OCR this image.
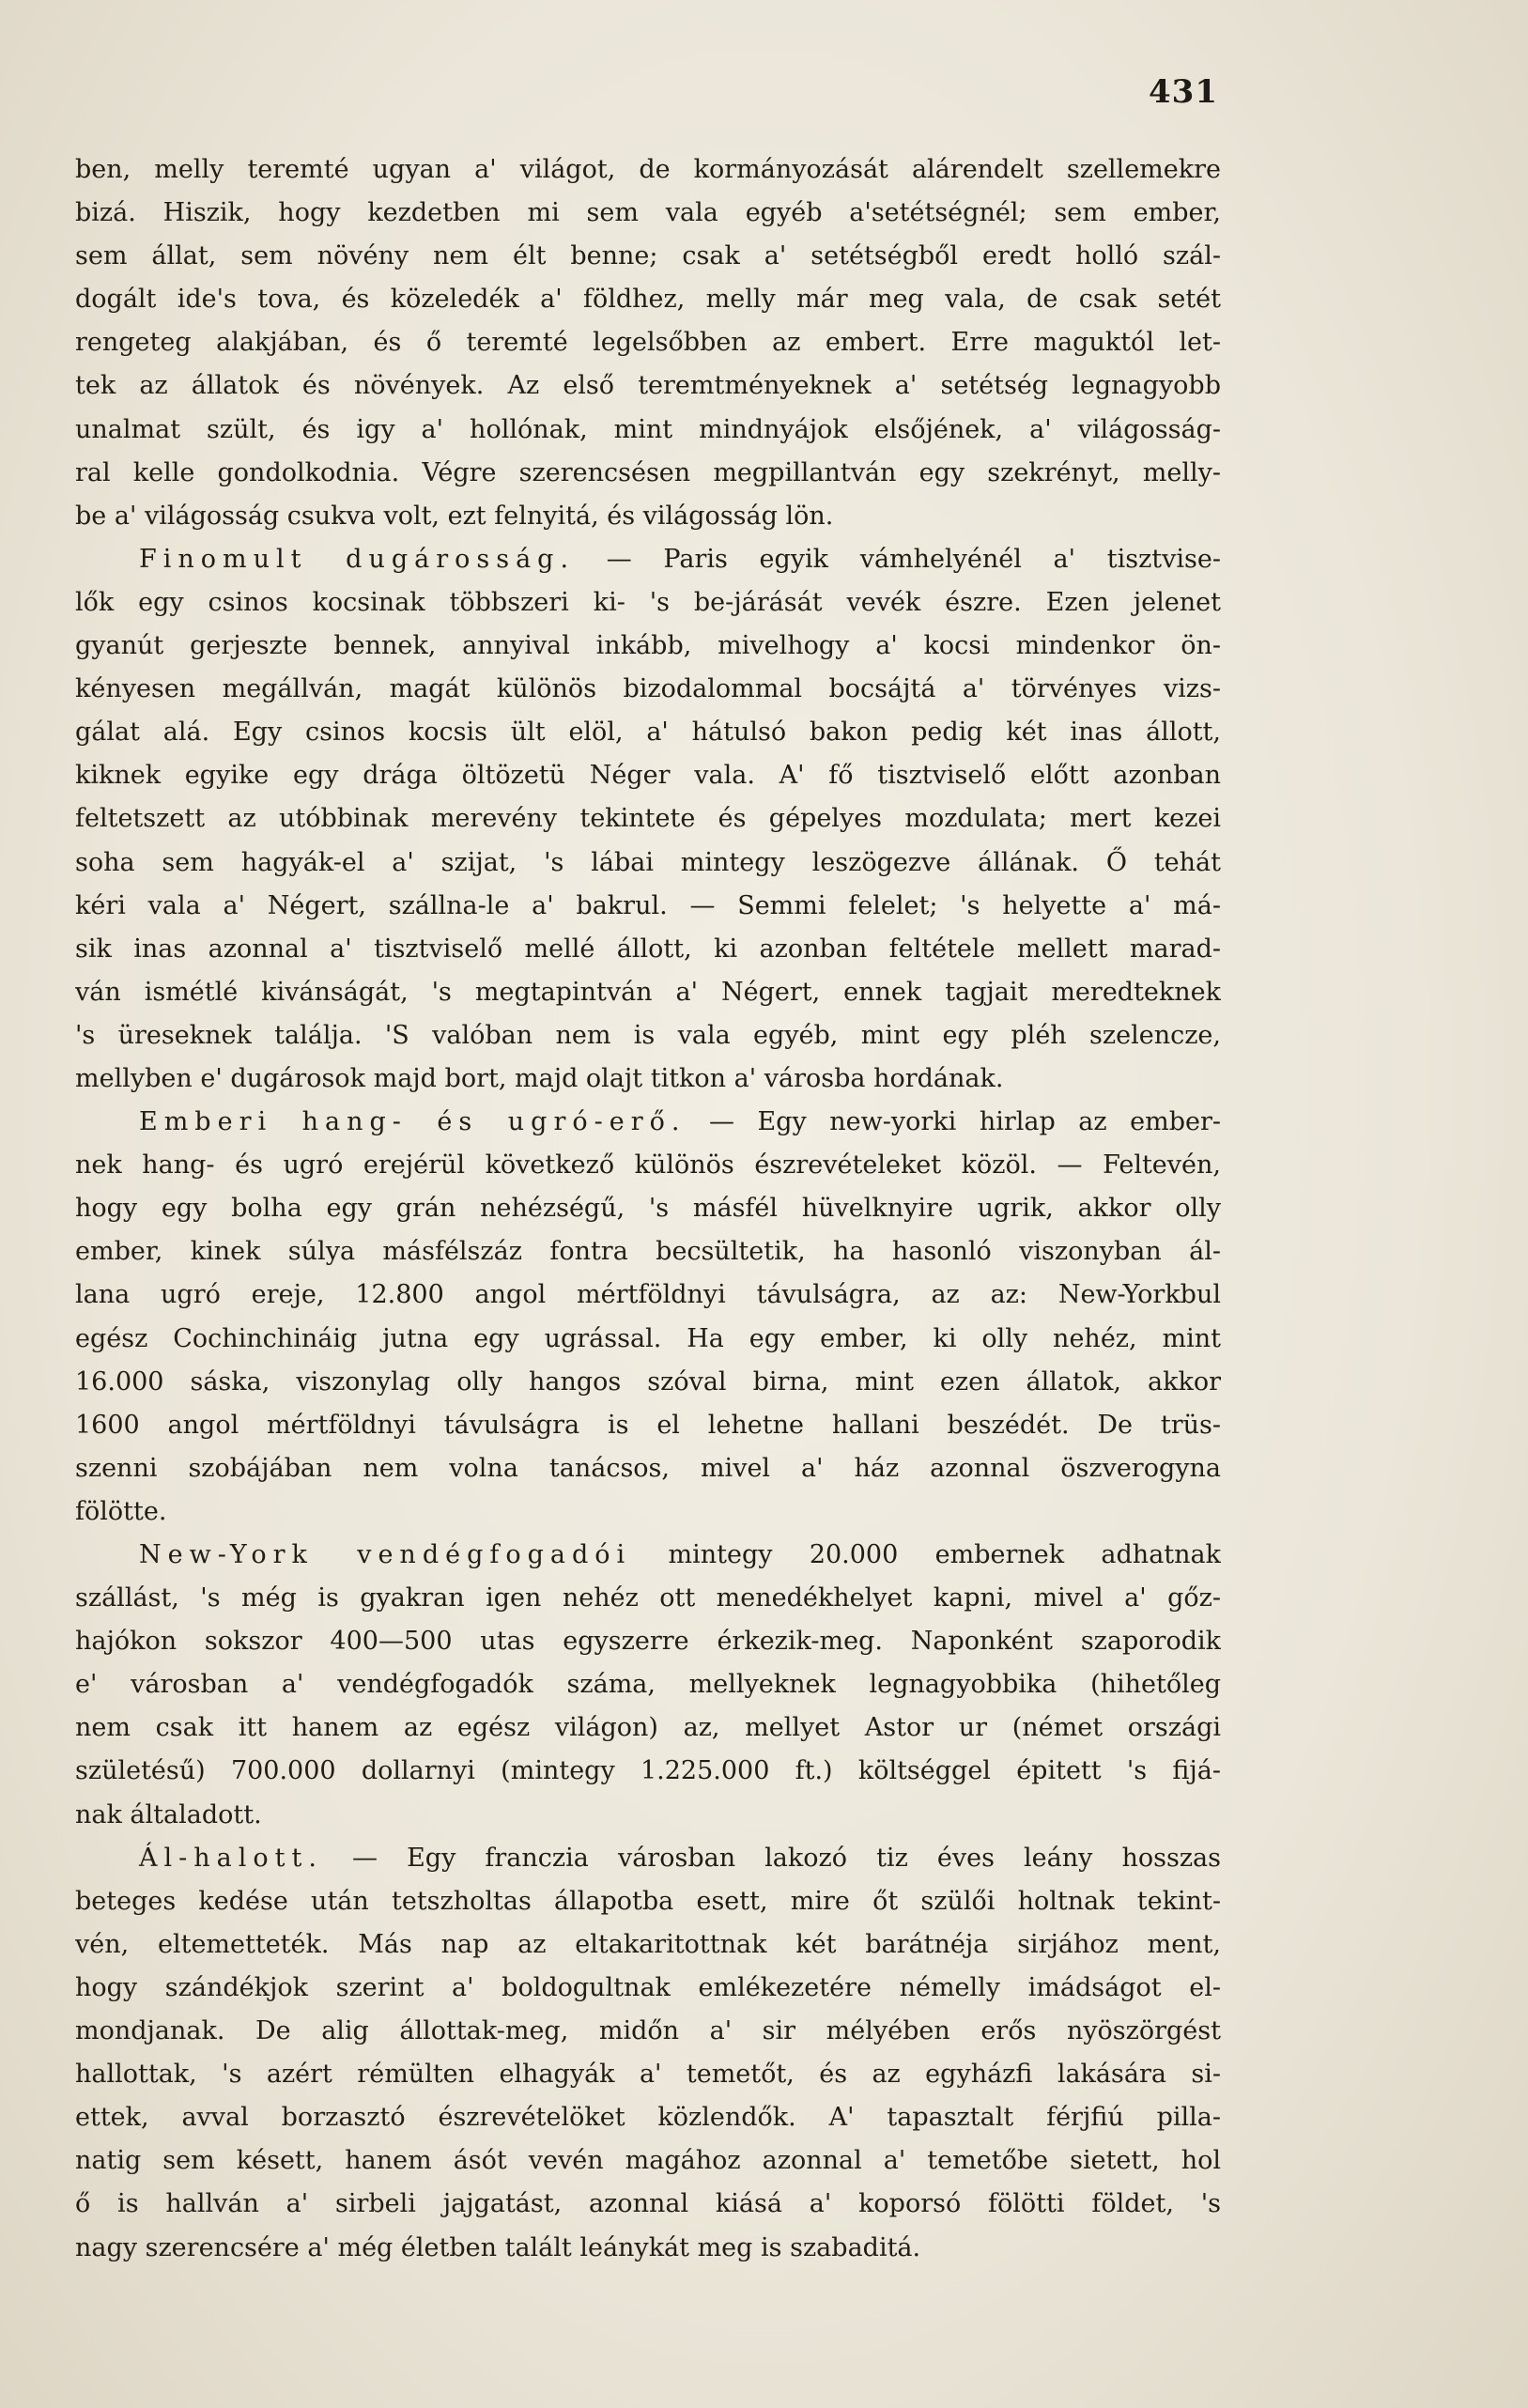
431
ben, melly teremté ugyan a' világot, de kormányozását alárendelt szellemekre
bizá. Hiszik, hogy kezdetben mi sem vala egyéb a'setétségnél; sem ember,
sem állat, sem növény nem élt benne; csak a' setétségből eredt holló szál-
dogált ide's tova, és közeledék a' földhez, melly már meg vala, de csak setét
rengeteg alakjában, és ő teremté legelsőbben az embert. Erre maguktól let-
tek az állatok és növények. Az első teremtményeknek a' setétség legnagyobb
unalmat szült, és igy a' hollónak, mint mindnyájok elsőjének, a' világosság-
ral kelle gondolkodnia. Végre szerencsésen megpillantván egy szekrényt, melly-
be a' világosság csukva volt, ezt felnyitá, és világosság lön.
Finomult dugárosság. — Paris egyik vámhelyénél a' tisztvise-
lők egy csinos kocsinak többszeri ki- 's be-járását vevék észre. Ezen jelenet
gyanút gerjeszte bennek, annyival inkább, mivelhogy a' kocsi mindenkor ön-
kényesen megállván, magát különös bizodalommal bocsájtá a' törvényes vizs-
gálat alá. Egy csinos kocsis ült elöl, a' hátulsó bakon pedig két inas állott,
kiknek egyike egy drága öltözetü Néger vala. A' fő tisztviselő előtt azonban
feltetszett az utóbbinak merevény tekintete és gépelyes mozdulata; mert kezei
soha sem hagyák-el a' szijat, 's lábai mintegy leszögezve állának. Ő tehát
kéri vala a' Négert, szállna-le a' bakrul. — Semmi felelet; 's helyette a' má-
sik inas azonnal a' tisztviselő mellé állott, ki azonban feltétele mellett marad-
ván ismétlé kivánságát, 's megtapintván a' Négert, ennek tagjait meredteknek
's üreseknek találja. 'S valóban nem is vala egyéb, mint egy pléh szelencze,
mellyben e' dugárosok majd bort, majd olajt titkon a' városba hordának.
Emberi hang- és ugró-erő. — Egy new-yorki hirlap az ember-
nek hang- és ugró erejérül következő különös észrevételeket közöl. — Feltevén,
hogy egy bolha egy grán nehézségű, 's másfél hüvelknyire ugrik, akkor olly
ember, kinek súlya másfélszáz fontra becsültetik, ha hasonló viszonyban ál-
lana ugró ereje, 12.800 angol mértföldnyi távulságra, az az: New-Yorkbul
egész Cochinchináig jutna egy ugrással. Ha egy ember, ki olly nehéz, mint
16.000 sáska, viszonylag olly hangos szóval birna, mint ezen állatok, akkor
1600 angol mértföldnyi távulságra is el lehetne hallani beszédét. De trüs-
szenni szobájában nem volna tanácsos, mivel a' ház azonnal öszverogyna
fölötte.
New-York vendégfogadói mintegy 20.000 embernek adhatnak
szállást, 's még is gyakran igen nehéz ott menedékhelyet kapni, mivel a' gőz-
hajókon sokszor 400—500 utas egyszerre érkezik-meg. Naponként szaporodik
e' városban a' vendégfogadók száma, mellyeknek legnagyobbika (hihetőleg
nem csak itt hanem az egész világon) az, mellyet Astor ur (német országi
születésű) 700.000 dollarnyi (mintegy 1.225.000 ft.) költséggel épitett 's fijá-
nak általadott.
Ál-halott. — Egy franczia városban lakozó tiz éves leány hosszas
beteges kedése után tetszholtas állapotba esett, mire őt szülői holtnak tekint-
vén, eltemetteték. Más nap az eltakaritottnak két barátnéja sirjához ment,
hogy szándékjok szerint a' boldogultnak emlékezetére némelly imádságot el-
mondjanak. De alig állottak-meg, midőn a' sir mélyében erős nyöszörgést
hallottak, 's azért rémülten elhagyák a' temetőt, és az egyházfi lakására si-
ettek, avval borzasztó észrevételöket közlendők. A' tapasztalt férjfiú pilla-
natig sem késett, hanem ásót vevén magához azonnal a' temetőbe sietett, hol
ő is hallván a' sirbeli jajgatást, azonnal kiásá a' koporsó fölötti földet, 's
nagy szerencsére a' még életben talált leánykát meg is szabaditá.
